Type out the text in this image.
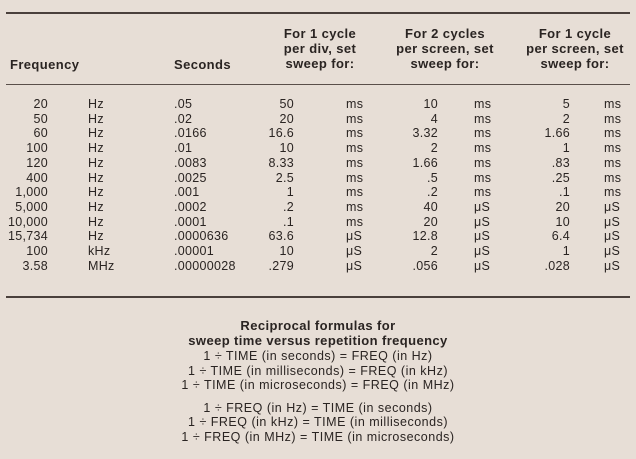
Frequency	Seconds
For 1 cycle
per div, set
sweep for:
For 2 cycles
per screen, set
sweep for:
For 1 cycle
per screen, set
sweep for:
20	Hz	.05	50	ms	10	ms	5	ms
50	Hz	.02	20	ms	4	ms	2	ms
60	Hz	.0166	16.6	ms	3.32	ms	1.66	ms
100	Hz	.01	10	ms	2	ms	1	ms
120	Hz	.0083	8.33	ms	1.66	ms	.83	ms
400	Hz	.0025	2.5	ms	.5	ms	.25	ms
1,000	Hz	.001	1	ms	.2	ms	.1	ms
5,000	Hz	.0002	.2	ms	40	μS	20	μS
10,000	Hz	.0001	.1	ms	20	μS	10	μS
15,734	Hz	.0000636	63.6	μS	12.8	μS	6.4	μS
100	kHz	.00001	10	μS	2	μS	1	μS
3.58	MHz	.00000028	.279	μS	.056	μS	.028	μS
Reciprocal formulas for
sweep time versus repetition frequency
1 ÷ TIME (in seconds) = FREQ (in Hz)
1 ÷ TIME (in milliseconds) = FREQ (in kHz)
1 ÷ TIME (in microseconds) = FREQ (in MHz)
1 ÷ FREQ (in Hz) = TIME (in seconds)
1 ÷ FREQ (in kHz) = TIME (in milliseconds)
1 ÷ FREQ (in MHz) = TIME (in microseconds)
